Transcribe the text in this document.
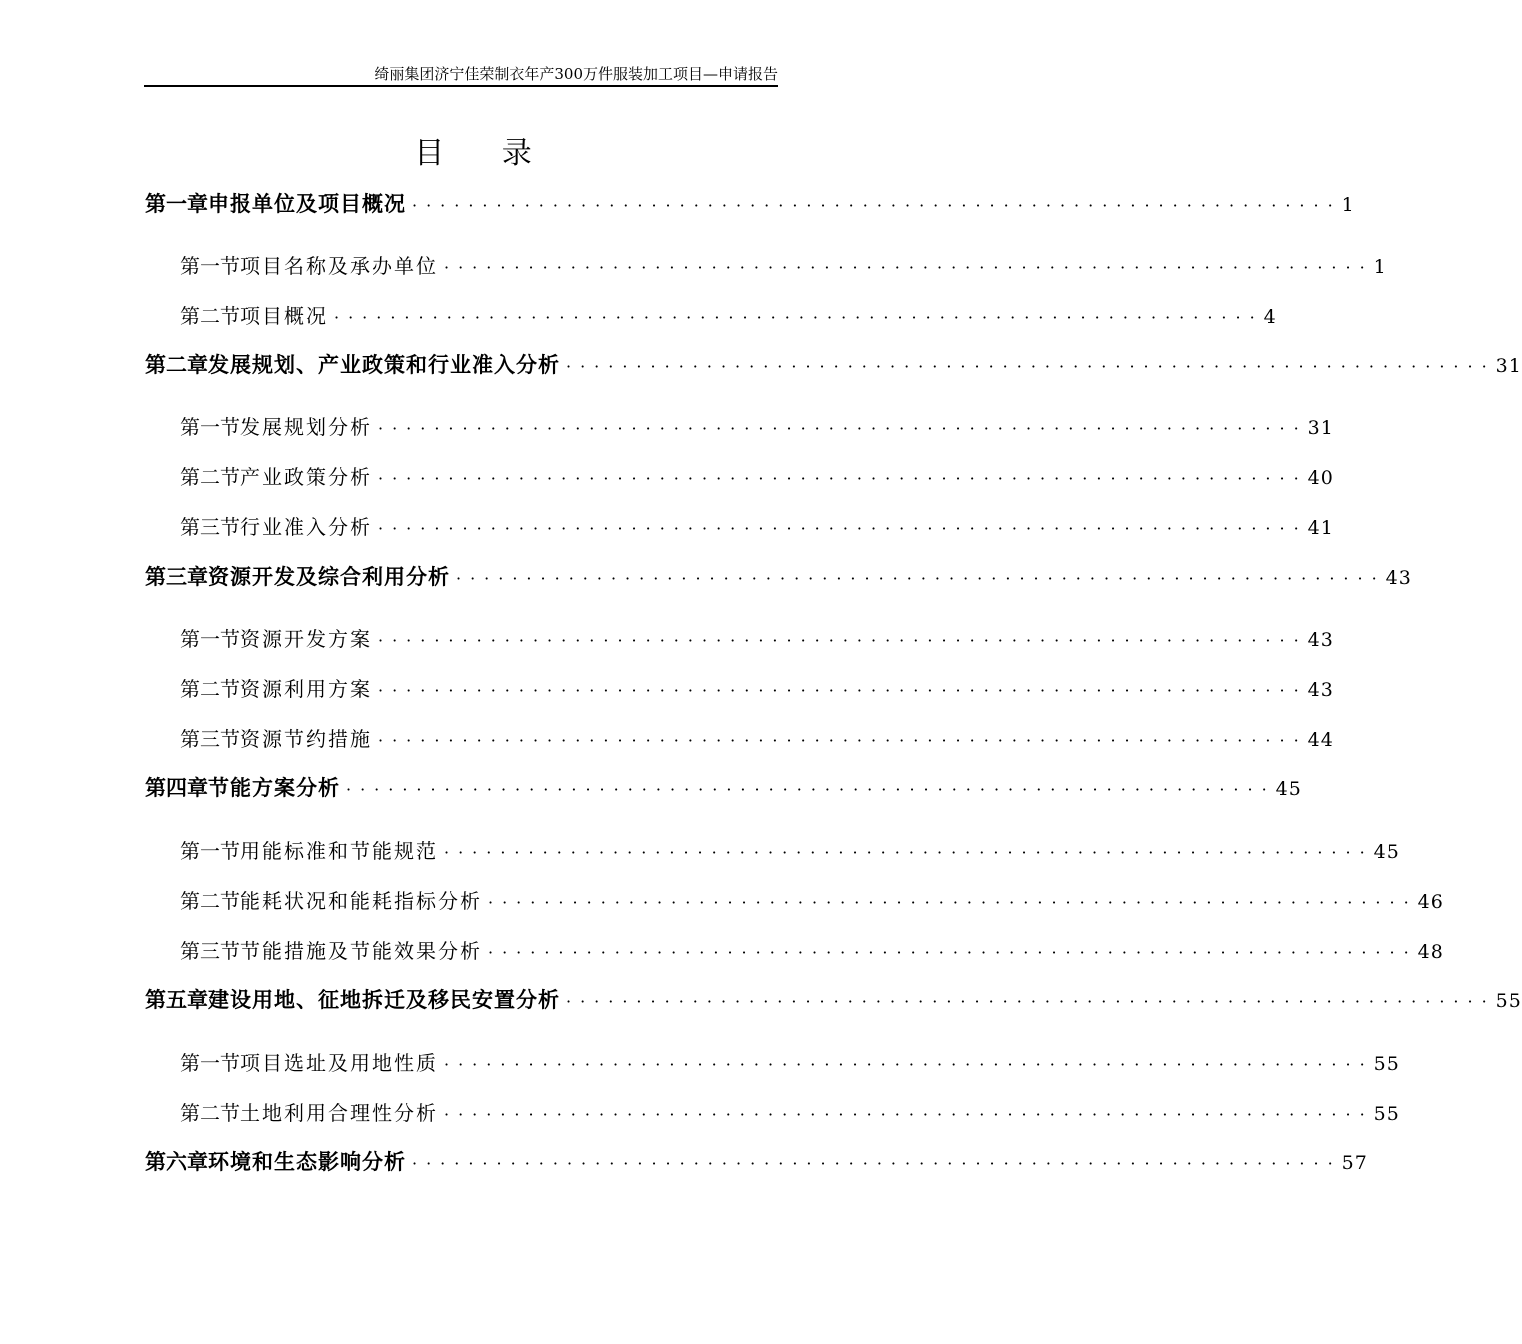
绮丽集团济宁佳荣制衣年产300万件服装加工项目—申请报告
目 录
第一章 申报单位及项目概况 ·································································· 1
第一节 项目名称及承办单位 ·································································· 1
第二节 项目概况 ·································································· 4
第二章 发展规划、产业政策和行业准入分析 ·································································· 31
第一节 发展规划分析 ·································································· 31
第二节 产业政策分析 ·································································· 40
第三节 行业准入分析 ·································································· 41
第三章 资源开发及综合利用分析 ·································································· 43
第一节 资源开发方案 ·································································· 43
第二节 资源利用方案 ·································································· 43
第三节 资源节约措施 ·································································· 44
第四章 节能方案分析 ·································································· 45
第一节 用能标准和节能规范 ·································································· 45
第二节 能耗状况和能耗指标分析 ·································································· 46
第三节 节能措施及节能效果分析 ·································································· 48
第五章 建设用地、征地拆迁及移民安置分析 ·································································· 55
第一节 项目选址及用地性质 ·································································· 55
第二节 土地利用合理性分析 ·································································· 55
第六章 环境和生态影响分析 ·································································· 57
